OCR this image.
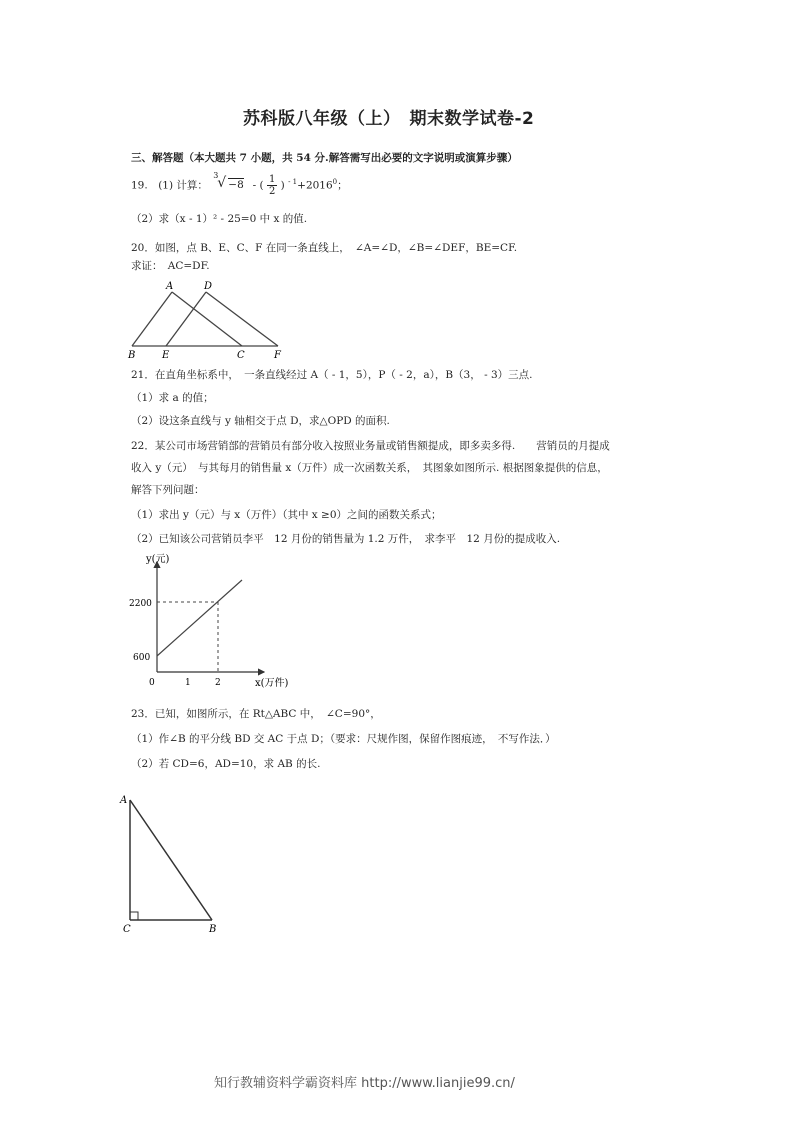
苏科版八年级（上）　期末数学试卷-2
三、解答题（本大题共 7 小题，共 54 分.解答需写出必要的文字说明或演算步骤）
19.　(1) 计算：
3
√ −8 - ( $\frac{1}{2}$ ) $^{- 1}+2016^0$；
（2）求（x - 1）² - 25=0 中 x 的值.
20．如图，点 B、E、C、F 在同一条直线上，　∠A=∠D，∠B=∠DEF，BE=CF.
求证：　AC=DF.
A	D
B	E	C	F
21．在直角坐标系中，　一条直线经过 A（ - 1，5），P（ - 2，a），B（3， - 3）三点.
（1）求 a 的值；
（2）设这条直线与 y 轴相交于点 D，求△OPD 的面积.
22．某公司市场营销部的营销员有部分收入按照业务量或销售额提成，即多卖多得.　　营销员的月提成
收入 y（元）　与其每月的销售量 x（万件）成一次函数关系，　其图象如图所示. 根据图象提供的信息，
解答下列问题：
（1）求出 y（元）与 x（万件）（其中 x ≥0）之间的函数关系式；
（2）已知该公司营销员李平　12 月份的销售量为 1.2 万件，　求李平　12 月份的提成收入.
y(元)
x(万件)
2200
600
0	1	2
23．已知，如图所示，在 Rt△ABC 中，　∠C=90°，
（1）作∠B 的平分线 BD 交 AC 于点 D；（要求：尺规作图，保留作图痕迹，　不写作法．）
（2）若 CD=6，AD=10，求 AB 的长.
A
C	B
知行教辅资料学霸资料库 http://www.lianjie99.cn/
